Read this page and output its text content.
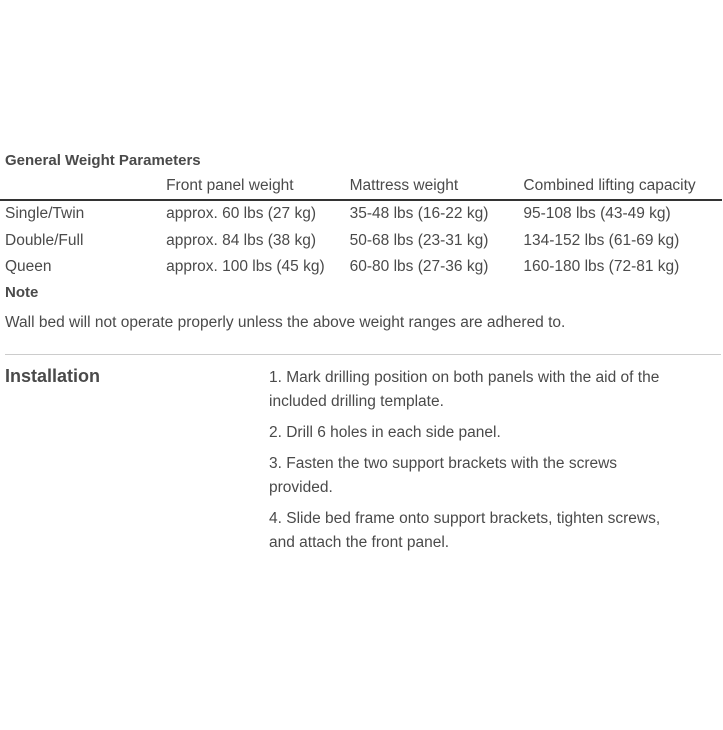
General Weight Parameters
	Front panel weight	Mattress weight	Combined lifting capacity
Single/Twin	approx. 60 lbs (27 kg)	35-48 lbs (16-22 kg)	95-108 lbs (43-49 kg)
Double/Full	approx. 84 lbs (38 kg)	50-68 lbs (23-31 kg)	134-152 lbs (61-69 kg)
Queen	approx. 100 lbs (45 kg)	60-80 lbs (27-36 kg)	160-180 lbs (72-81 kg)
Note
Wall bed will not operate properly unless the above weight ranges are adhered to.
Installation	1. Mark drilling position on both panels with the aid of the included drilling template.
2. Drill 6 holes in each side panel.
3. Fasten the two support brackets with the screws provided.
4. Slide bed frame onto support brackets, tighten screws, and attach the front panel.
